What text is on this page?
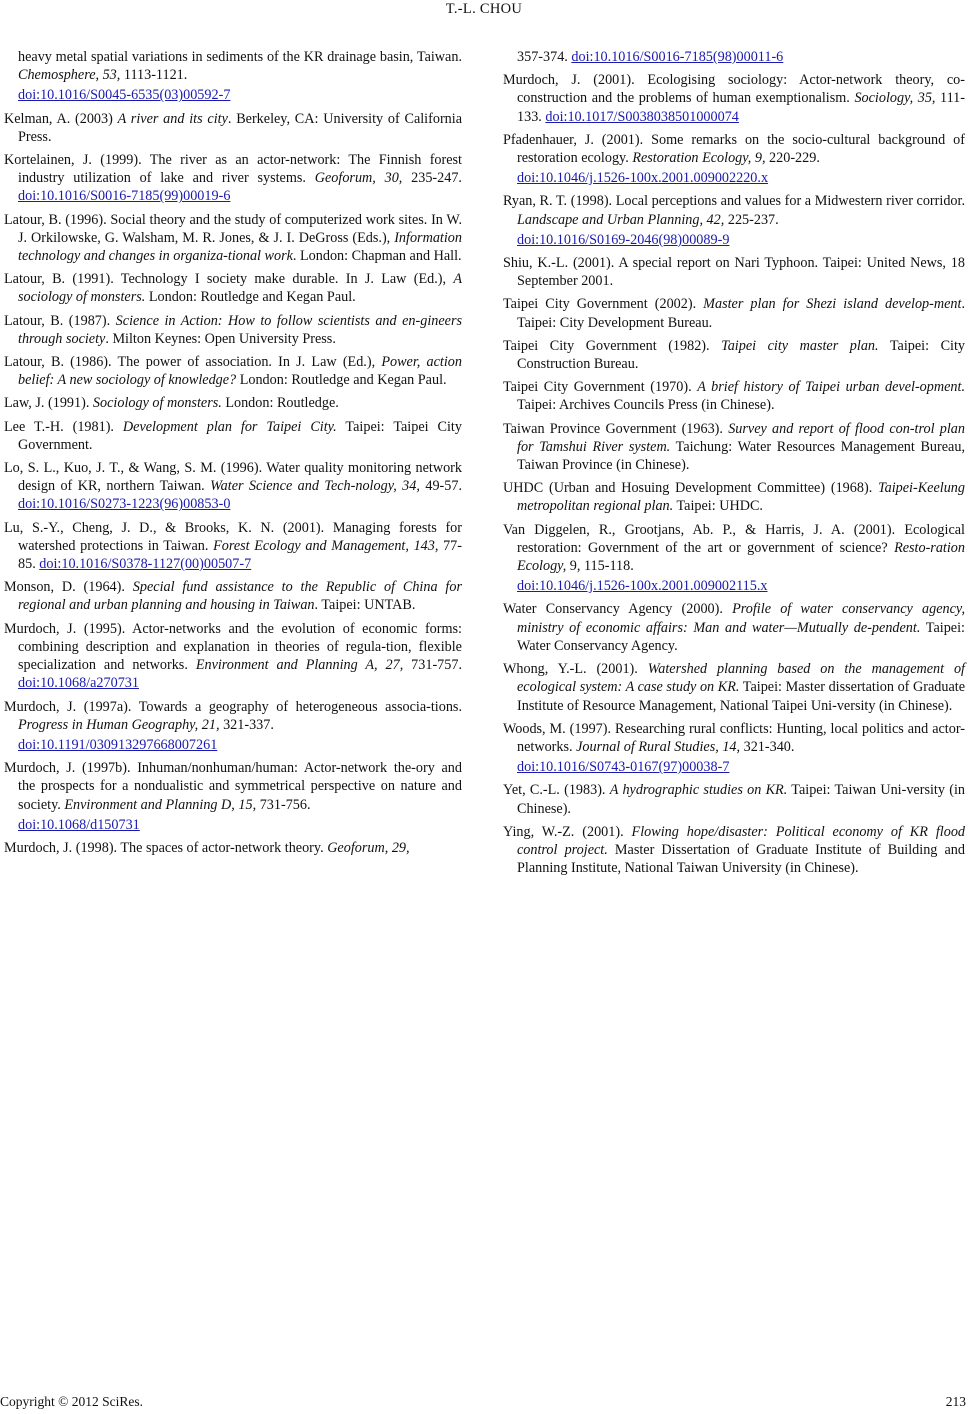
T.-L. CHOU

heavy metal spatial variations in sediments of the KR drainage basin, Taiwan. Chemosphere, 53, 1113-1121.
doi:10.1016/S0045-6535(03)00592-7

Kelman, A. (2003) A river and its city. Berkeley, CA: University of California Press.

Kortelainen, J. (1999). The river as an actor-network: The Finnish forest industry utilization of lake and river systems. Geoforum, 30, 235-247. doi:10.1016/S0016-7185(99)00019-6

Latour, B. (1996). Social theory and the study of computerized work sites. In W. J. Orkilowske, G. Walsham, M. R. Jones, & J. I. DeGross (Eds.), Information technology and changes in organiza-tional work. London: Chapman and Hall.

Latour, B. (1991). Technology I society make durable. In J. Law (Ed.), A sociology of monsters. London: Routledge and Kegan Paul.

Latour, B. (1987). Science in Action: How to follow scientists and en-gineers through society. Milton Keynes: Open University Press.

Latour, B. (1986). The power of association. In J. Law (Ed.), Power, action belief: A new sociology of knowledge? London: Routledge and Kegan Paul.

Law, J. (1991). Sociology of monsters. London: Routledge.

Lee T.-H. (1981). Development plan for Taipei City. Taipei: Taipei City Government.

Lo, S. L., Kuo, J. T., & Wang, S. M. (1996). Water quality monitoring network design of KR, northern Taiwan. Water Science and Tech-nology, 34, 49-57. doi:10.1016/S0273-1223(96)00853-0

Lu, S.-Y., Cheng, J. D., & Brooks, K. N. (2001). Managing forests for watershed protections in Taiwan. Forest Ecology and Management, 143, 77-85. doi:10.1016/S0378-1127(00)00507-7

Monson, D. (1964). Special fund assistance to the Republic of China for regional and urban planning and housing in Taiwan. Taipei: UNTAB.

Murdoch, J. (1995). Actor-networks and the evolution of economic forms: combining description and explanation in theories of regula-tion, flexible specialization and networks. Environment and Planning A, 27, 731-757. doi:10.1068/a270731

Murdoch, J. (1997a). Towards a geography of heterogeneous associa-tions. Progress in Human Geography, 21, 321-337.
doi:10.1191/030913297668007261

Murdoch, J. (1997b). Inhuman/nonhuman/human: Actor-network the-ory and the prospects for a nondualistic and symmetrical perspective on nature and society. Environment and Planning D, 15, 731-756.
doi:10.1068/d150731

Murdoch, J. (1998). The spaces of actor-network theory. Geoforum, 29,

357-374. doi:10.1016/S0016-7185(98)00011-6

Murdoch, J. (2001). Ecologising sociology: Actor-network theory, co-construction and the problems of human exemptionalism. Sociology, 35, 111-133. doi:10.1017/S0038038501000074

Pfadenhauer, J. (2001). Some remarks on the socio-cultural background of restoration ecology. Restoration Ecology, 9, 220-229.
doi:10.1046/j.1526-100x.2001.009002220.x

Ryan, R. T. (1998). Local perceptions and values for a Midwestern river corridor. Landscape and Urban Planning, 42, 225-237.
doi:10.1016/S0169-2046(98)00089-9

Shiu, K.-L. (2001). A special report on Nari Typhoon. Taipei: United News, 18 September 2001.

Taipei City Government (2002). Master plan for Shezi island develop-ment. Taipei: City Development Bureau.

Taipei City Government (1982). Taipei city master plan. Taipei: City Construction Bureau.

Taipei City Government (1970). A brief history of Taipei urban devel-opment. Taipei: Archives Councils Press (in Chinese).

Taiwan Province Government (1963). Survey and report of flood con-trol plan for Tamshui River system. Taichung: Water Resources Management Bureau, Taiwan Province (in Chinese).

UHDC (Urban and Hosuing Development Committee) (1968). Taipei-Keelung metropolitan regional plan. Taipei: UHDC.

Van Diggelen, R., Grootjans, Ab. P., & Harris, J. A. (2001). Ecological restoration: Government of the art or government of science? Resto-ration Ecology, 9, 115-118.
doi:10.1046/j.1526-100x.2001.009002115.x

Water Conservancy Agency (2000). Profile of water conservancy agency, ministry of economic affairs: Man and water—Mutually de-pendent. Taipei: Water Conservancy Agency.

Whong, Y.-L. (2001). Watershed planning based on the management of ecological system: A case study on KR. Taipei: Master dissertation of Graduate Institute of Resource Management, National Taipei Uni-versity (in Chinese).

Woods, M. (1997). Researching rural conflicts: Hunting, local politics and actor-networks. Journal of Rural Studies, 14, 321-340.
doi:10.1016/S0743-0167(97)00038-7

Yet, C.-L. (1983). A hydrographic studies on KR. Taipei: Taiwan Uni-versity (in Chinese).

Ying, W.-Z. (2001). Flowing hope/disaster: Political economy of KR flood control project. Master Dissertation of Graduate Institute of Building and Planning Institute, National Taiwan University (in Chinese).

Copyright © 2012 SciRes.	213
